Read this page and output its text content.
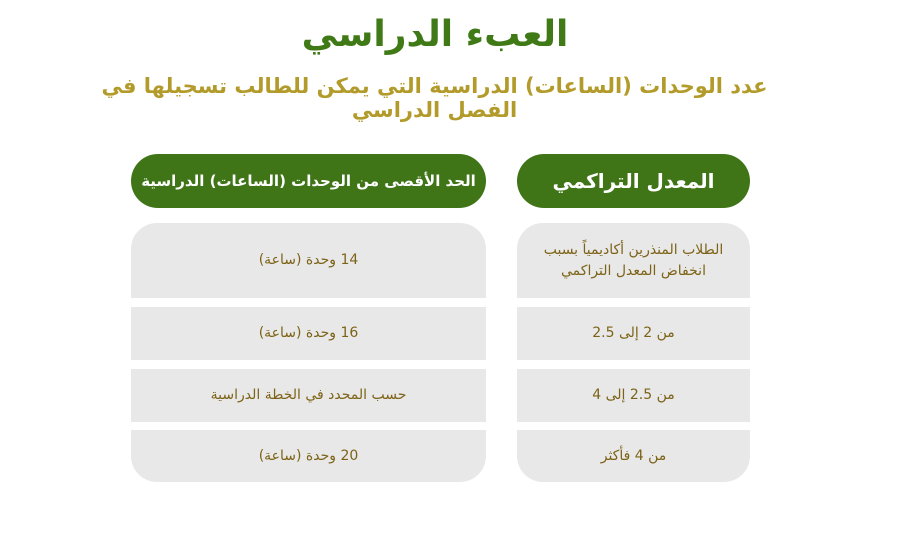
العبء الدراسي
عدد الوحدات (الساعات) الدراسية التي يمكن للطالب تسجيلها في الفصل الدراسي
المعدل التراكمي
الحد الأقصى من الوحدات (الساعات) الدراسية
الطلاب المنذرين أكاديمياً بسبب انخفاض المعدل التراكمي
من 2 إلى 2.5
من 2.5 إلى 4
من 4 فأكثر
14 وحدة (ساعة)
16 وحدة (ساعة)
حسب المحدد في الخطة الدراسية
20 وحدة (ساعة)
